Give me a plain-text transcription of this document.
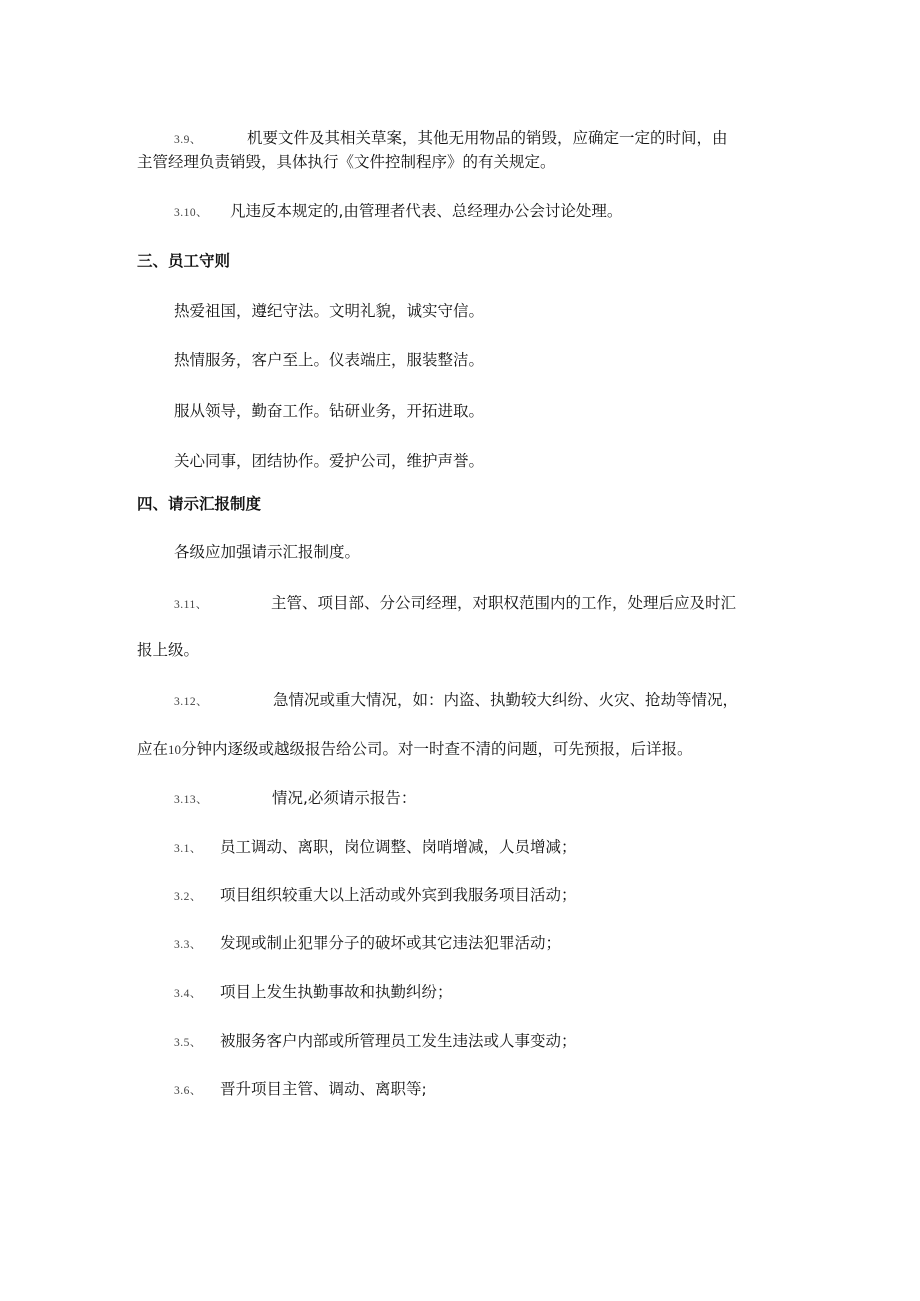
3.9、	机要文件及其相关草案，其他无用物品的销毁，应确定一定的时间，由
主管经理负责销毁，具体执行《文件控制程序》的有关规定。
3.10、 凡违反本规定的,由管理者代表、总经理办公会讨论处理。
三、员工守则
热爱祖国，遵纪守法。文明礼貌，诚实守信。
热情服务，客户至上。仪表端庄，服装整洁。
服从领导，勤奋工作。钻研业务，开拓进取。
关心同事，团结协作。爱护公司，维护声誉。
四、请示汇报制度
各级应加强请示汇报制度。
3.11、	主管、项目部、分公司经理，对职权范围内的工作，处理后应及时汇
报上级。
3.12、	急情况或重大情况，如：内盗、执勤较大纠纷、火灾、抢劫等情况，
应在10分钟内逐级或越级报告给公司。对一时查不清的问题，可先预报，后详报。
3.13、	情况,必须请示报告：
3.1、 员工调动、离职，岗位调整、岗哨增减，人员增减；
3.2、 项目组织较重大以上活动或外宾到我服务项目活动；
3.3、 发现或制止犯罪分子的破坏或其它违法犯罪活动；
3.4、 项目上发生执勤事故和执勤纠纷；
3.5、 被服务客户内部或所管理员工发生违法或人事变动；
3.6、 晋升项目主管、调动、离职等;
